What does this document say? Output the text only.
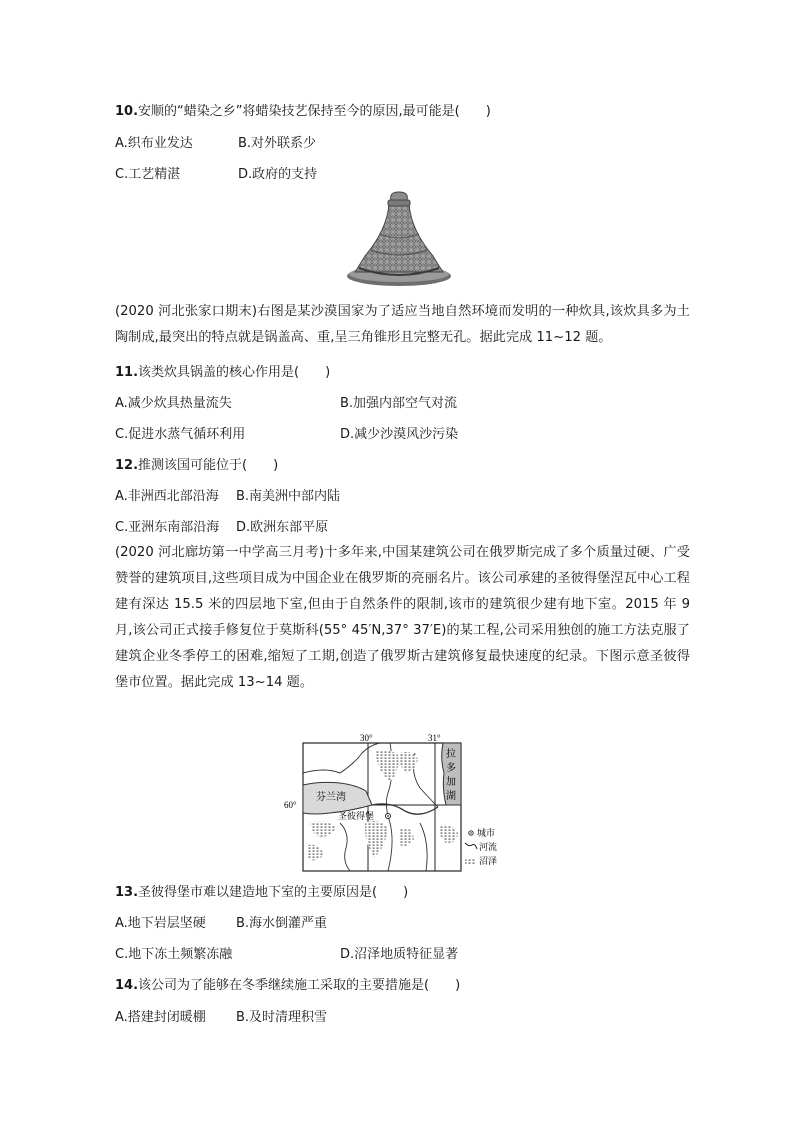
10.安顺的“蜡染之乡”将蜡染技艺保持至今的原因,最可能是(　　)
A.织布业发达	B.对外联系少
C.工艺精湛	D.政府的支持
(2020 河北张家口期末)右图是某沙漠国家为了适应当地自然环境而发明的一种炊具,该炊具多为土陶制成,最突出的特点就是锅盖高、重,呈三角锥形且完整无孔。据此完成 11~12 题。
11.该类炊具锅盖的核心作用是(　　)
A.减少炊具热量流失	B.加强内部空气对流
C.促进水蒸气循环利用	D.减少沙漠风沙污染
12.推测该国可能位于(　　)
A.非洲西北部沿海 B.南美洲中部内陆
C.亚洲东南部沿海 D.欧洲东部平原
(2020 河北廊坊第一中学高三月考)十多年来,中国某建筑公司在俄罗斯完成了多个质量过硬、广受赞誉的建筑项目,这些项目成为中国企业在俄罗斯的亮丽名片。该公司承建的圣彼得堡涅瓦中心工程建有深达 15.5 米的四层地下室,但由于自然条件的限制,该市的建筑很少建有地下室。2015 年 9 月,该公司正式接手修复位于莫斯科(55° 45′N,37° 37′E)的某工程,公司采用独创的施工方法克服了建筑企业冬季停工的困难,缩短了工期,创造了俄罗斯古建筑修复最快速度的纪录。下图示意圣彼得堡市位置。据此完成 13~14 题。
30°	31°
60°
芬兰湾
圣彼得堡
拉
多
加
湖
城市
河流
沼泽
13.圣彼得堡市难以建造地下室的主要原因是(　　)
A.地下岩层坚硬 B.海水倒灌严重
C.地下冻土频繁冻融	D.沼泽地质特征显著
14.该公司为了能够在冬季继续施工采取的主要措施是(　　)
A.搭建封闭暖棚 B.及时清理积雪
